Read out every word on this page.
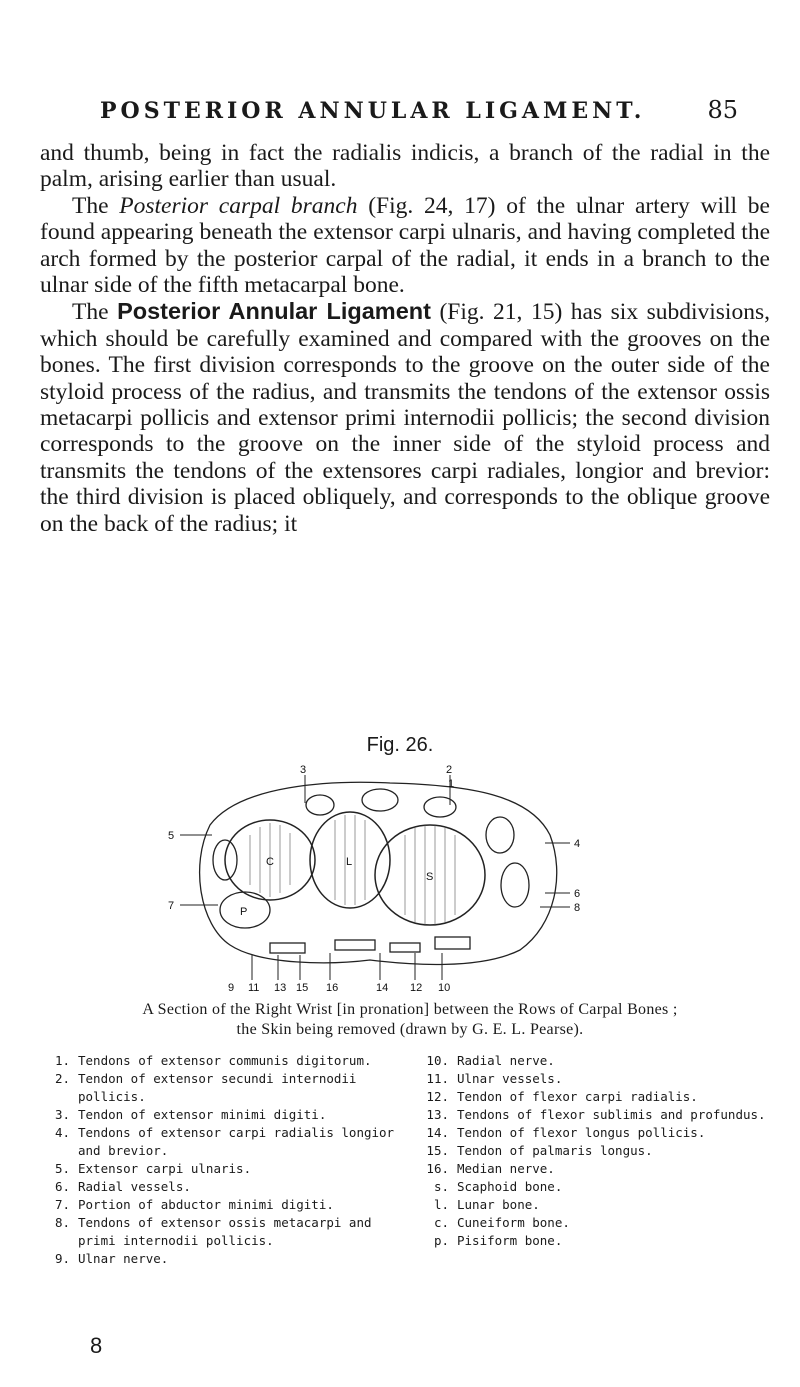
POSTERIOR ANNULAR LIGAMENT.	85

and thumb, being in fact the radialis indicis, a branch of the radial in the palm, arising earlier than usual.

The Posterior carpal branch (Fig. 24, 17) of the ulnar artery will be found appearing beneath the extensor carpi ulnaris, and having completed the arch formed by the posterior carpal of the radial, it ends in a branch to the ulnar side of the fifth metacarpal bone.

The Posterior Annular Ligament (Fig. 21, 15) has six subdivisions, which should be carefully examined and compared with the grooves on the bones. The first division corresponds to the groove on the outer side of the styloid process of the radius, and transmits the tendons of the extensor ossis metacarpi pollicis and extensor primi internodii pollicis; the second division corresponds to the groove on the inner side of the styloid process and transmits the tendons of the extensores carpi radiales, longior and brevior: the third division is placed obliquely, and corresponds to the oblique groove on the back of the radius; it

Fig. 26.
3	2
1
5
7
4
6
8
9 11 13 15 16	14 12 10
C	L
S
P
A Section of the Right Wrist [in pronation] between the Rows of Carpal Bones ;
the Skin being removed (drawn by G. E. L. Pearse).
1. Tendons of extensor communis digitorum.
2. Tendon of extensor secundi internodii pollicis.
3. Tendon of extensor minimi digiti.
4. Tendons of extensor carpi radialis longior and brevior.
5. Extensor carpi ulnaris.
6. Radial vessels.
7. Portion of abductor minimi digiti.
8. Tendons of extensor ossis metacarpi and primi internodii pollicis.
9. Ulnar nerve.
10. Radial nerve.
11. Ulnar vessels.
12. Tendon of flexor carpi radialis.
13. Tendons of flexor sublimis and profundus.
14. Tendon of flexor longus pollicis.
15. Tendon of palmaris longus.
16. Median nerve.
s. Scaphoid bone.
l. Lunar bone.
c. Cuneiform bone.
p. Pisiform bone.
8
